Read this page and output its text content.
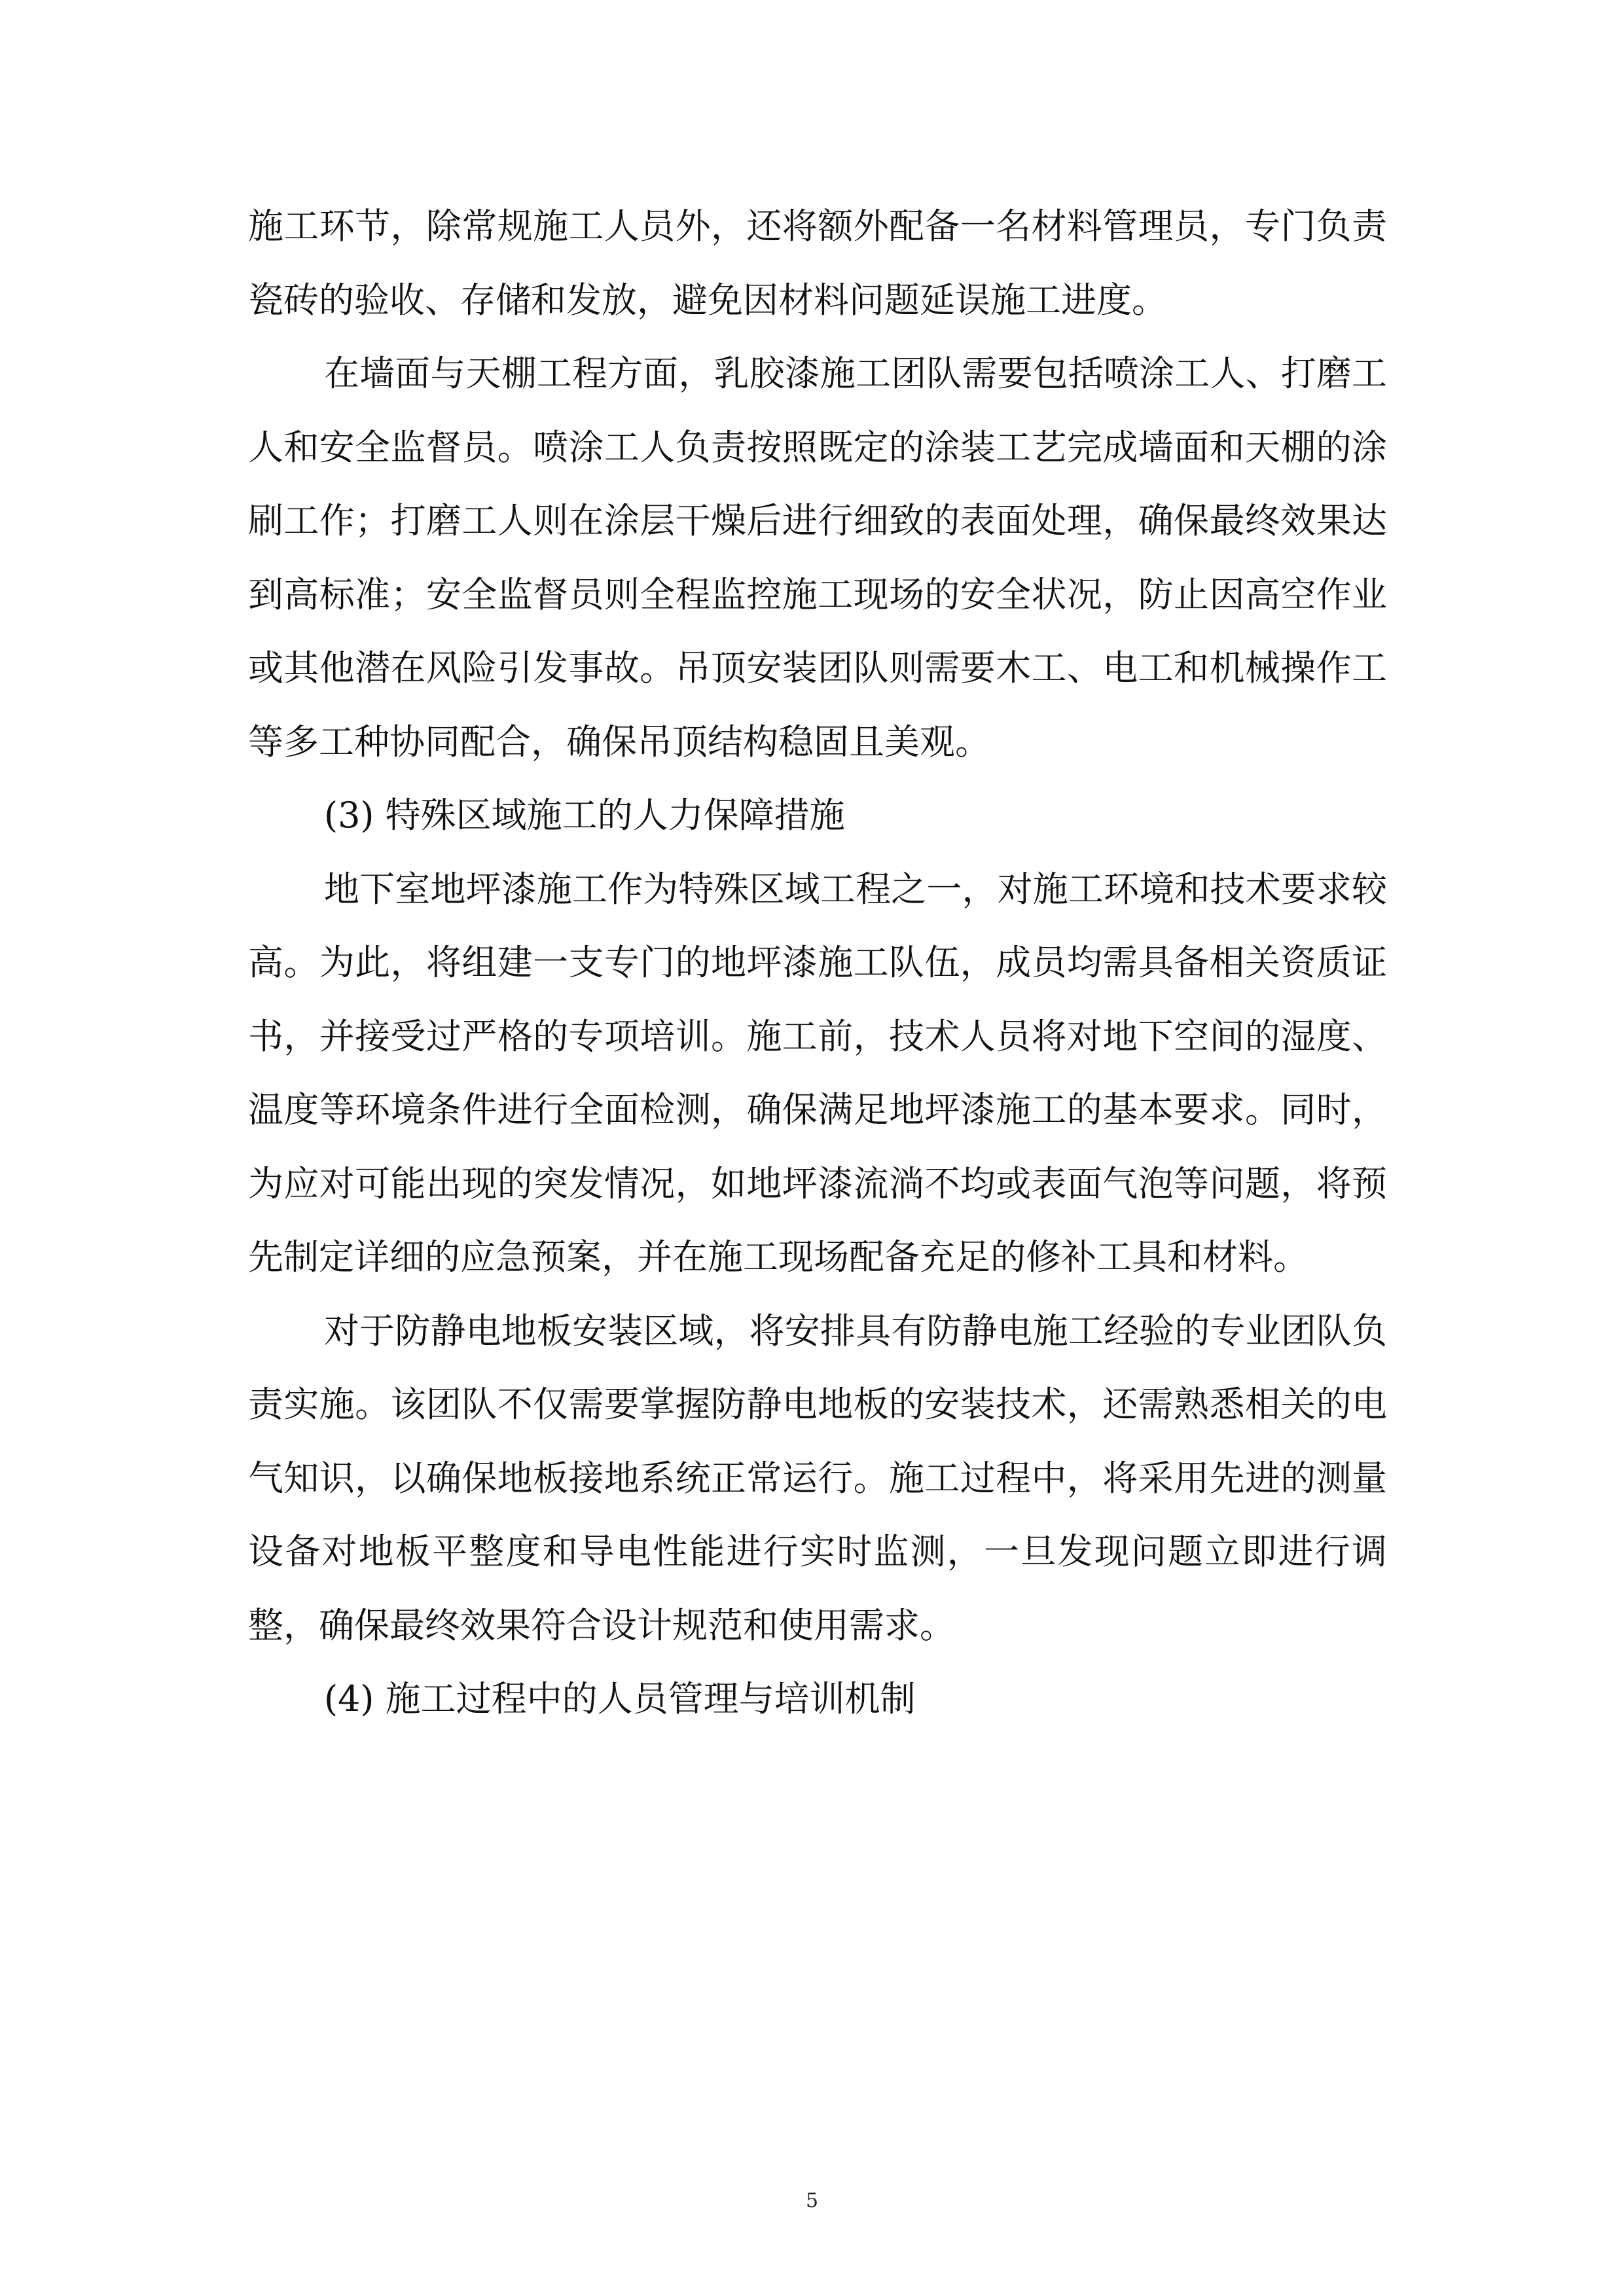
施工环节，除常规施工人员外，还将额外配备一名材料管理员，专门负责瓷砖的验收、存储和发放，避免因材料问题延误施工进度。

在墙面与天棚工程方面，乳胶漆施工团队需要包括喷涂工人、打磨工人和安全监督员。喷涂工人负责按照既定的涂装工艺完成墙面和天棚的涂刷工作；打磨工人则在涂层干燥后进行细致的表面处理，确保最终效果达到高标准；安全监督员则全程监控施工现场的安全状况，防止因高空作业或其他潜在风险引发事故。吊顶安装团队则需要木工、电工和机械操作工等多工种协同配合，确保吊顶结构稳固且美观。

(3) 特殊区域施工的人力保障措施

地下室地坪漆施工作为特殊区域工程之一，对施工环境和技术要求较高。为此，将组建一支专门的地坪漆施工队伍，成员均需具备相关资质证书，并接受过严格的专项培训。施工前，技术人员将对地下空间的湿度、温度等环境条件进行全面检测，确保满足地坪漆施工的基本要求。同时，为应对可能出现的突发情况，如地坪漆流淌不均或表面气泡等问题，将预先制定详细的应急预案，并在施工现场配备充足的修补工具和材料。

对于防静电地板安装区域，将安排具有防静电施工经验的专业团队负责实施。该团队不仅需要掌握防静电地板的安装技术，还需熟悉相关的电气知识，以确保地板接地系统正常运行。施工过程中，将采用先进的测量设备对地板平整度和导电性能进行实时监测，一旦发现问题立即进行调整，确保最终效果符合设计规范和使用需求。

(4) 施工过程中的人员管理与培训机制

5
